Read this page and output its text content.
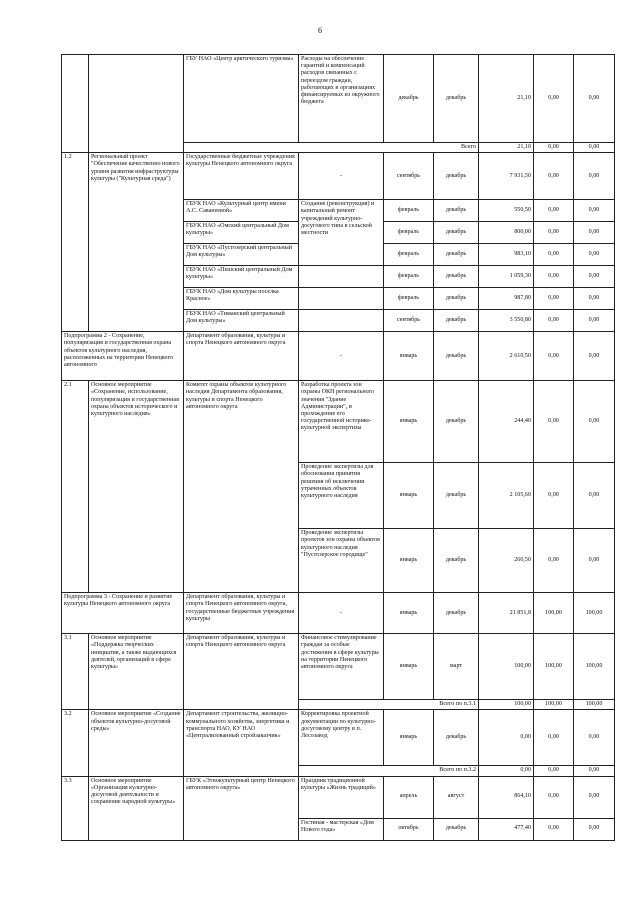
6
		ГБУ НАО «Центр арктического туризма»	Расходы на обеспечение гарантий и компенсаций расходов связанных с переездом граждан, работающих в организациях финансируемых из окружного бюджета	декабрь	декабрь	21,10	0,00	0,00
		Всего				21,10	0,00	0,00
1.2	Региональный проект "Обеспечение качественно нового уровня развития инфраструктуры культуры ("Культурная среда")	Государственные бюджетные учреждения культуры Ненецкого автономного округа	-	сентябрь	декабрь	7 931,50	0,00	0,00
		ГБУК НАО «Культурный центр имени А.С. Саванеевой»	Создание (реконструкция) и капитальный ремонт учреждений культурно-досугового типа в сельской местности	февраль	декабрь	550,50	0,00	0,00
		ГБУК НАО «Омский центральный Дом культуры»		февраль	декабрь	800,00	0,00	0,00
		ГБУК НАО «Пустозерский центральный Дом культуры»		февраль	декабрь	983,10	0,00	0,00
		ГБУК НАО «Пешский центральный Дом культуры»		февраль	декабрь	1 059,30	0,00	0,00
		ГБУК НАО «Дом культуры поселка Красное»		февраль	декабрь	987,80	0,00	0,00
		ГБУК НАО «Тиманский центральный Дом культуры»		сентябрь	декабрь	3 550,80	0,00	0,00
Подпрограмма 2 - Сохранение, популяризация и государственная охрана объектов культурного наследия, расположенных на территории Ненецкого автономного		Департамент образования, культуры и спорта Ненецкого автономного округа	-	январь	декабрь	2 610,50	0,00	0,00
2.1	Основное мероприятие «Сохранение, использование, популяризация и государственная охрана объектов исторического и культурного наследия»	Комитет охраны объектов культурного наследия Департамента образования, культуры и спорта Ненецкого автономного округа	Разработка проекта зон охраны ОКН регионального значения "Здание Администрации", и прохождение его государственной историко-культурной экспертизы	январь	декабрь	244,40	0,00	0,00
			Проведение экспертизы для обоснования принятия решения об исключении утраченных объектов культурного наследия	январь	декабрь	2 105,60	0,00	0,00
			Проведение экспертизы проектов зон охраны объектов культурного наследия "Пустозерское городище"	январь	декабрь	260,50	0,00	0,00
Подпрограмма 3 - Сохранение и развитие культуры Ненецкого автономного округа		Департамент образования, культуры и спорта Ненецкого автономного округа, государственные бюджетные учреждения культуры	-	январь	декабрь	21 851,8	100,00	100,00
3.1	Основное мероприятие «Поддержка творческих инициатив, а также выдающихся деятелей, организаций в сфере культуры»	Департамент образования, культуры и спорта Ненецкого автономного округа	Финансовое стимулирование граждан за особые достижения в сфере культуры на территории Ненецкого автономного округа	январь	март	100,00	100,00	100,00
			Всего по п.3.1			100,00	100,00	100,00
3.2	Основное мероприятие «Создание объектов культурно-досуговой среды»	Департамент строительства, жилищно-коммунального хозяйства, энергетики и транспорта НАО, КУ НАО «Централизованный стройзаказчик»	Корректировка проектной документации по культурно-досуговому центру в п. Лесозавод	январь	декабрь	0,00	0,00	0,00
			Всего по п.3.2			0,00	0,00	0,00
3.3	Основное мероприятие «Организация культурно-досуговой деятельности и сохранение народной культуры»	ГБУК «Этнокультурный центр Ненецкого автономного округа»	Праздник традиционной культуры «Жизнь традиций»	апрель	август	864,10	0,00	0,00
			Гостиная - мастерская «Дом Нового года»	октябрь	декабрь	477,40	0,00	0,00
